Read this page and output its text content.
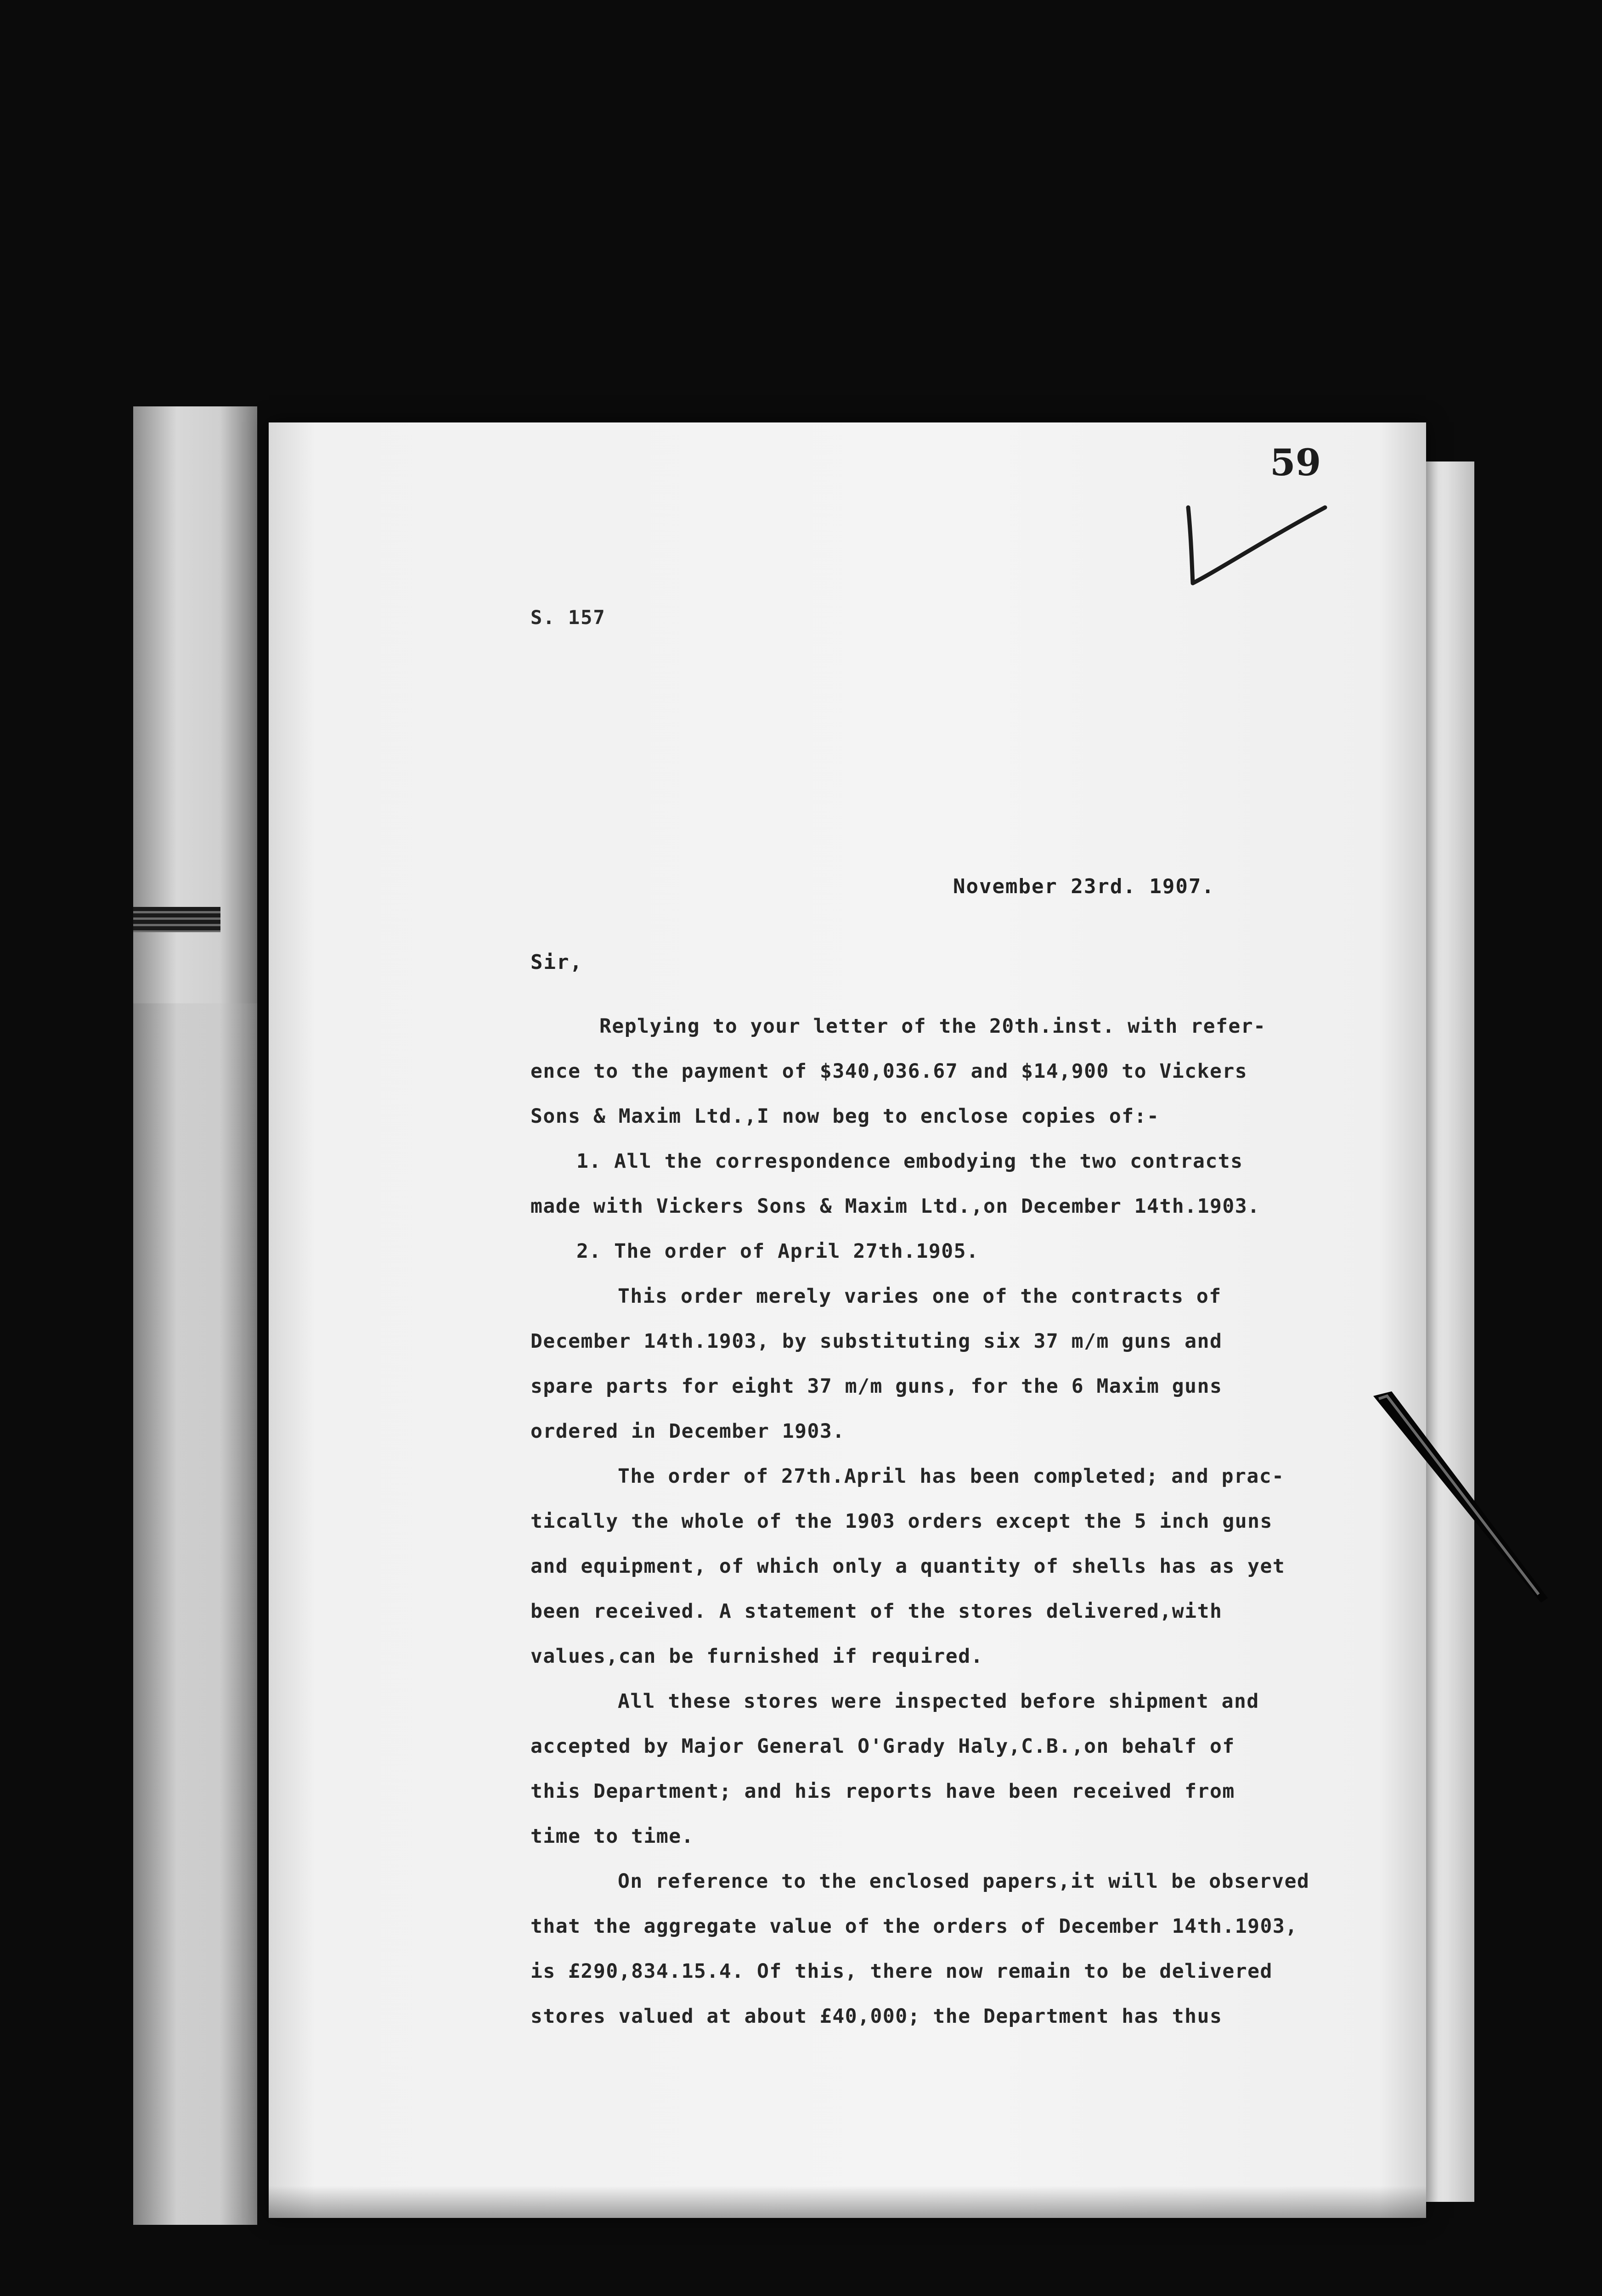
59
S. 157
November 23rd. 1907.
Sir,
Replying to your letter of the 20th.inst. with refer-
ence to the payment of $340,036.67 and $14,900 to Vickers
Sons & Maxim Ltd.,I now beg to enclose copies of:-
1. All the correspondence embodying the two contracts
made with Vickers Sons & Maxim Ltd.,on December 14th.1903.
2. The order of April 27th.1905.
This order merely varies one of the contracts of
December 14th.1903, by substituting six 37 m/m guns and
spare parts for eight 37 m/m guns, for the 6 Maxim guns
ordered in December 1903.
The order of 27th.April has been completed; and prac-
tically the whole of the 1903 orders except the 5 inch guns
and equipment, of which only a quantity of shells has as yet
been received. A statement of the stores delivered,with
values,can be furnished if required.
All these stores were inspected before shipment and
accepted by Major General O'Grady Haly,C.B.,on behalf of
this Department; and his reports have been received from
time to time.
On reference to the enclosed papers,it will be observed
that the aggregate value of the orders of December 14th.1903,
is £290,834.15.4. Of this, there now remain to be delivered
stores valued at about £40,000; the Department has thus
